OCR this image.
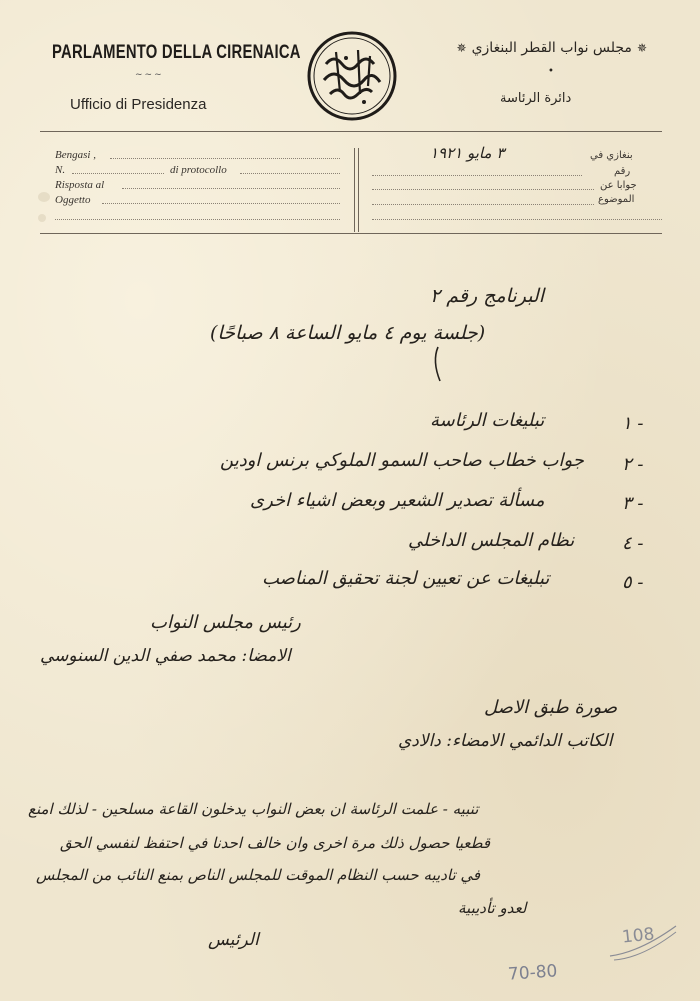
PARLAMENTO DELLA CIRENAICA
~~~
Ufficio di Presidenza
✵مجلس نواب القطر البنغازي✵
•
دائرة الرئاسة
Bengasi ,
N.	di protocollo
Risposta al
Oggetto
بنغازي في
رقم
جوابا عن
الموضوع
٣ مايو ١٩٢١
البرنامج رقم ٢
(جلسة يوم ٤ مايو الساعة ٨ صباحًا)
١ -
تبليغات الرئاسة
٢ -
جواب خطاب صاحب السمو الملوكي برنس اودين
٣ -
مسألة تصدير الشعير وبعض اشياء اخرى
٤ -
نظام المجلس الداخلي
٥ -
تبليغات عن تعيين لجنة تحقيق المناصب
رئيس مجلس النواب
الامضا: محمد صفي الدين السنوسي
صورة طبق الاصل
الكاتب الدائمي الامضاء: دالادي
تنبيه - علمت الرئاسة ان بعض النواب يدخلون القاعة مسلحين - لذلك امنع
قطعيا حصول ذلك مرة اخرى وان خالف احدنا في احتفظ لنفسي الحق
في تاديبه حسب النظام الموقت للمجلس الناص بمنع النائب من المجلس
لعدو تأديبية
الرئيس	108
70-80
